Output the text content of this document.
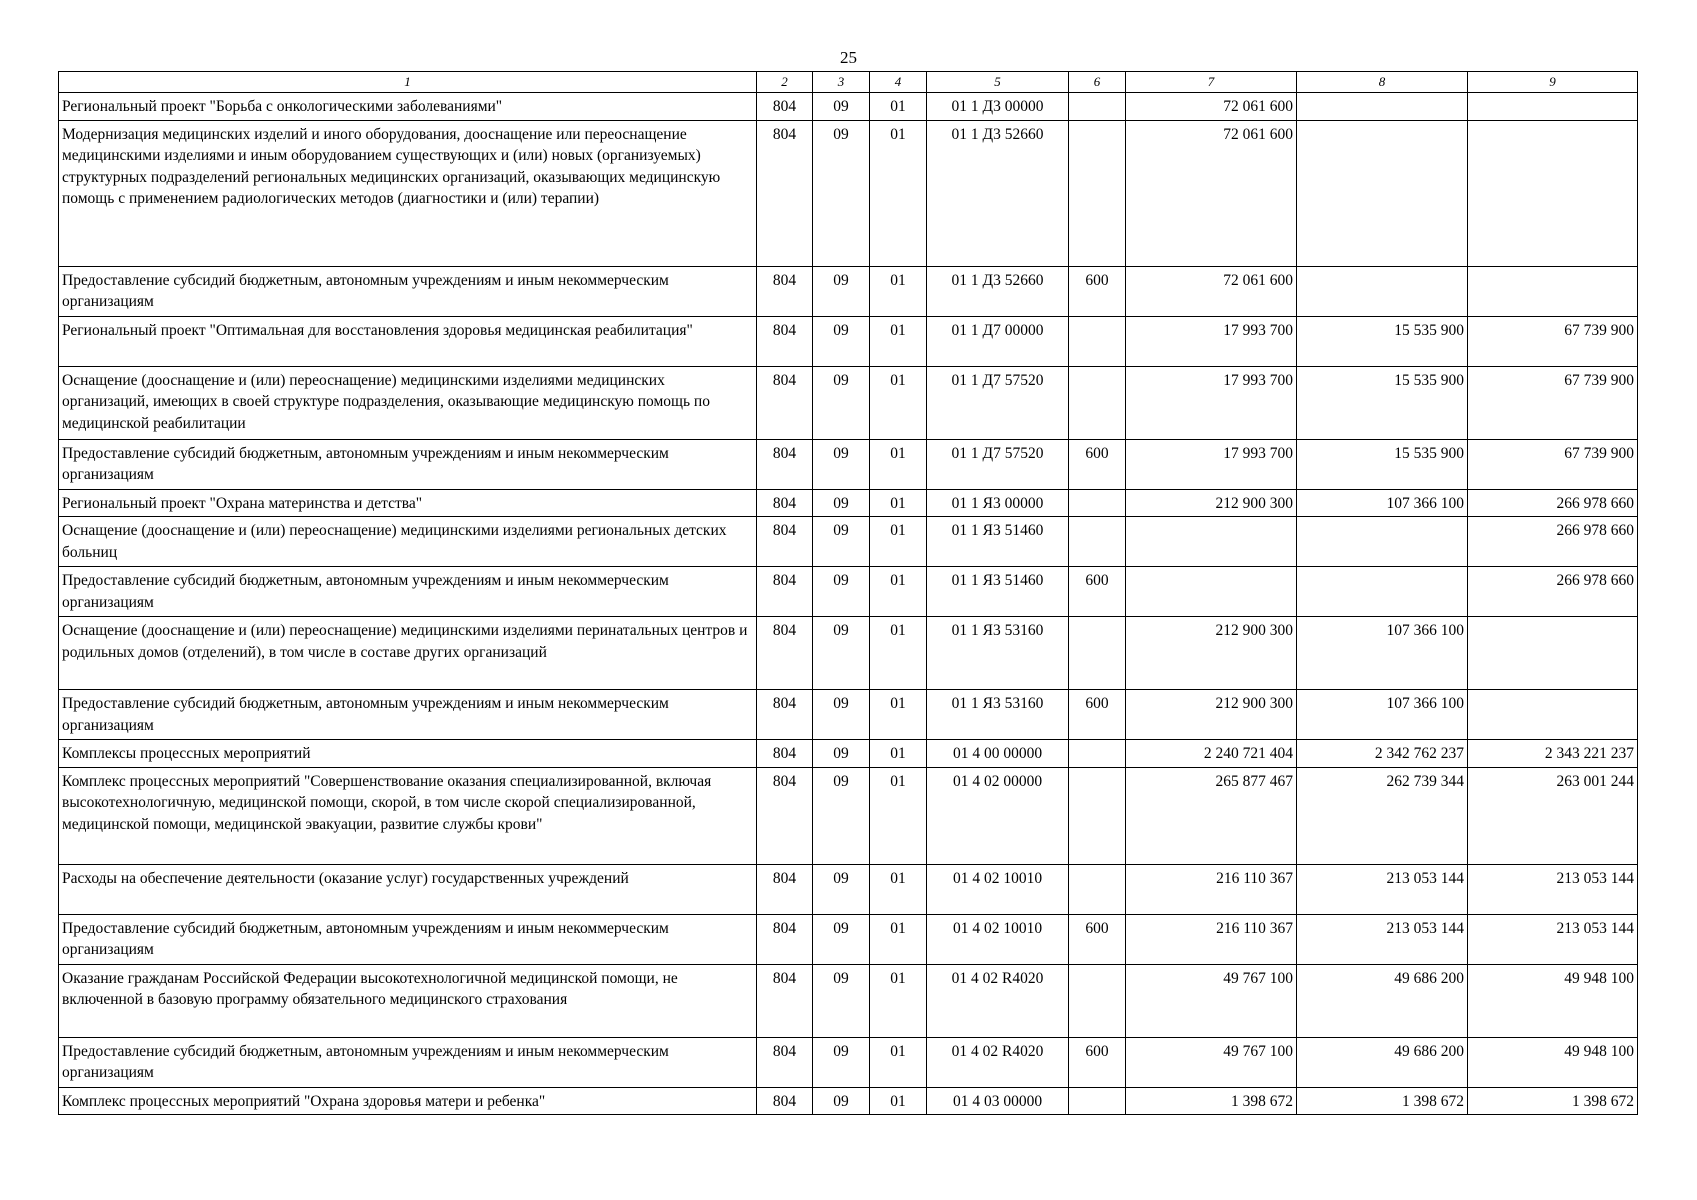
25
1	2	3	4	5	6	7	8	9
Региональный проект "Борьба с онкологическими заболеваниями"	804	09	01	01 1 Д3 00000		72 061 600		
Модернизация медицинских изделий и иного оборудования, дооснащение или переоснащение медицинскими изделиями и иным оборудованием существующих и (или) новых (организуемых) структурных подразделений региональных медицинских организаций, оказывающих медицинскую помощь с применением радиологических методов (диагностики и (или) терапии)	804	09	01	01 1 Д3 52660		72 061 600		
Предоставление субсидий бюджетным, автономным учреждениям и иным некоммерческим организациям	804	09	01	01 1 Д3 52660	600	72 061 600		
Региональный проект "Оптимальная для восстановления здоровья медицинская реабилитация"	804	09	01	01 1 Д7 00000		17 993 700	15 535 900	67 739 900
Оснащение (дооснащение и (или) переоснащение) медицинскими изделиями медицинских организаций, имеющих в своей структуре подразделения, оказывающие медицинскую помощь по медицинской реабилитации	804	09	01	01 1 Д7 57520		17 993 700	15 535 900	67 739 900
Предоставление субсидий бюджетным, автономным учреждениям и иным некоммерческим организациям	804	09	01	01 1 Д7 57520	600	17 993 700	15 535 900	67 739 900
Региональный проект "Охрана материнства и детства"	804	09	01	01 1 Я3 00000		212 900 300	107 366 100	266 978 660
Оснащение (дооснащение и (или) переоснащение) медицинскими изделиями региональных детских больниц	804	09	01	01 1 Я3 51460				266 978 660
Предоставление субсидий бюджетным, автономным учреждениям и иным некоммерческим организациям	804	09	01	01 1 Я3 51460	600			266 978 660
Оснащение (дооснащение и (или) переоснащение) медицинскими изделиями перинатальных центров и родильных домов (отделений), в том числе в составе других организаций	804	09	01	01 1 Я3 53160		212 900 300	107 366 100	
Предоставление субсидий бюджетным, автономным учреждениям и иным некоммерческим организациям	804	09	01	01 1 Я3 53160	600	212 900 300	107 366 100	
Комплексы процессных мероприятий	804	09	01	01 4 00 00000		2 240 721 404	2 342 762 237	2 343 221 237
Комплекс процессных мероприятий "Совершенствование оказания специализированной, включая высокотехнологичную, медицинской помощи, скорой, в том числе скорой специализированной, медицинской помощи, медицинской эвакуации, развитие службы крови"	804	09	01	01 4 02 00000		265 877 467	262 739 344	263 001 244
Расходы на обеспечение деятельности (оказание услуг) государственных учреждений	804	09	01	01 4 02 10010		216 110 367	213 053 144	213 053 144
Предоставление субсидий бюджетным, автономным учреждениям и иным некоммерческим организациям	804	09	01	01 4 02 10010	600	216 110 367	213 053 144	213 053 144
Оказание гражданам Российской Федерации высокотехнологичной медицинской помощи, не включенной в базовую программу обязательного медицинского страхования	804	09	01	01 4 02 R4020		49 767 100	49 686 200	49 948 100
Предоставление субсидий бюджетным, автономным учреждениям и иным некоммерческим организациям	804	09	01	01 4 02 R4020	600	49 767 100	49 686 200	49 948 100
Комплекс процессных мероприятий "Охрана здоровья матери и ребенка"	804	09	01	01 4 03 00000		1 398 672	1 398 672	1 398 672
